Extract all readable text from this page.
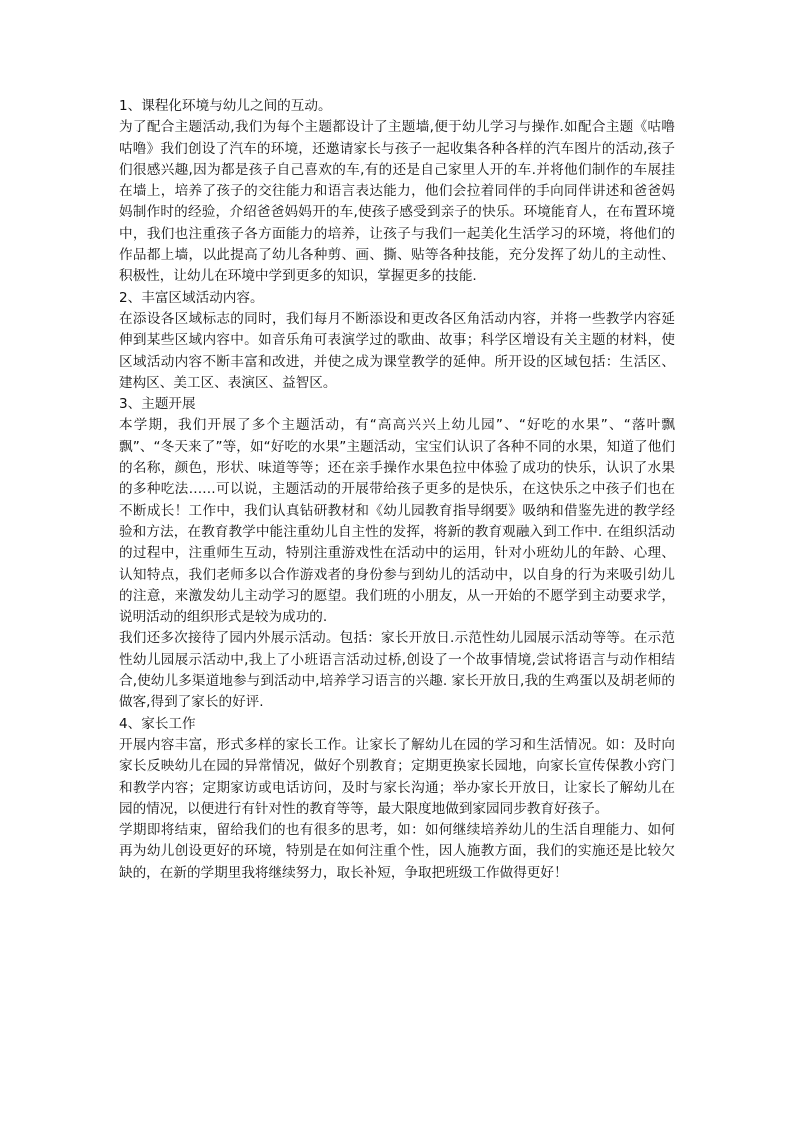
1、课程化环境与幼儿之间的互动。

为了配合主题活动,我们为每个主题都设计了主题墙,便于幼儿学习与操作.如配合主题《咕噜咕噜》我们创设了汽车的环境，还邀请家长与孩子一起收集各种各样的汽车图片的活动,孩子们很感兴趣,因为都是孩子自己喜欢的车,有的还是自己家里人开的车.并将他们制作的车展挂在墙上，培养了孩子的交往能力和语言表达能力，他们会拉着同伴的手向同伴讲述和爸爸妈妈制作时的经验，介绍爸爸妈妈开的车,使孩子感受到亲子的快乐。环境能育人，在布置环境中，我们也注重孩子各方面能力的培养，让孩子与我们一起美化生活学习的环境，将他们的作品都上墙，以此提高了幼儿各种剪、画、撕、贴等各种技能，充分发挥了幼儿的主动性、积极性，让幼儿在环境中学到更多的知识，掌握更多的技能.

2、丰富区域活动内容。

在添设各区域标志的同时，我们每月不断添设和更改各区角活动内容，并将一些教学内容延伸到某些区域内容中。如音乐角可表演学过的歌曲、故事；科学区增设有关主题的材料，使区域活动内容不断丰富和改进，并使之成为课堂教学的延伸。所开设的区域包括：生活区、建构区、美工区、表演区、益智区。

3、主题开展

本学期，我们开展了多个主题活动，有“高高兴兴上幼儿园”、“好吃的水果”、“落叶飘飘”、“冬天来了”等，如“好吃的水果”主题活动，宝宝们认识了各种不同的水果，知道了他们的名称，颜色，形状、味道等等；还在亲手操作水果色拉中体验了成功的快乐，认识了水果的多种吃法……可以说，主题活动的开展带给孩子更多的是快乐，在这快乐之中孩子们也在不断成长！工作中，我们认真钻研教材和《幼儿园教育指导纲要》吸纳和借鉴先进的教学经验和方法，在教育教学中能注重幼儿自主性的发挥，将新的教育观融入到工作中. 在组织活动的过程中，注重师生互动，特别注重游戏性在活动中的运用，针对小班幼儿的年龄、心理、认知特点，我们老师多以合作游戏者的身份参与到幼儿的活动中，以自身的行为来吸引幼儿的注意，来激发幼儿主动学习的愿望。我们班的小朋友，从一开始的不愿学到主动要求学，说明活动的组织形式是较为成功的.

我们还多次接待了园内外展示活动。包括：家长开放日.示范性幼儿园展示活动等等。在示范性幼儿园展示活动中,我上了小班语言活动过桥,创设了一个故事情境,尝试将语言与动作相结合,使幼儿多渠道地参与到活动中,培养学习语言的兴趣. 家长开放日,我的生鸡蛋以及胡老师的做客,得到了家长的好评.

4、家长工作

开展内容丰富，形式多样的家长工作。让家长了解幼儿在园的学习和生活情况。如：及时向家长反映幼儿在园的异常情况，做好个别教育；定期更换家长园地，向家长宣传保教小窍门和教学内容；定期家访或电话访问，及时与家长沟通；举办家长开放日，让家长了解幼儿在园的情况，以便进行有针对性的教育等等，最大限度地做到家园同步教育好孩子。

学期即将结束，留给我们的也有很多的思考，如：如何继续培养幼儿的生活自理能力、如何再为幼儿创设更好的环境，特别是在如何注重个性，因人施教方面，我们的实施还是比较欠缺的，在新的学期里我将继续努力，取长补短，争取把班级工作做得更好！
